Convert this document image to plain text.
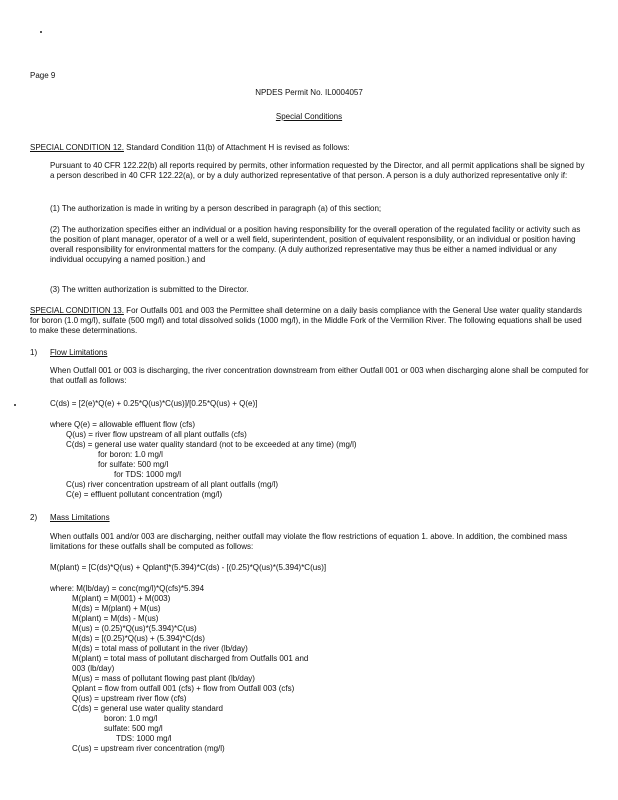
Page 9
NPDES Permit No. IL0004057
Special Conditions
SPECIAL CONDITION 12. Standard Condition 11(b) of Attachment H is revised as follows:
Pursuant to 40 CFR 122.22(b) all reports required by permits, other information requested by the Director, and all permit applications shall be signed by a person described in 40 CFR 122.22(a), or by a duly authorized representative of that person. A person is a duly authorized representative only if:
(1) The authorization is made in writing by a person described in paragraph (a) of this section;
(2) The authorization specifies either an individual or a position having responsibility for the overall operation of the regulated facility or activity such as the position of plant manager, operator of a well or a well field, superintendent, position of equivalent responsibility, or an individual or position having overall responsibility for environmental matters for the company. (A duly authorized representative may thus be either a named individual or any individual occupying a named position.) and
(3) The written authorization is submitted to the Director.
SPECIAL CONDITION 13. For Outfalls 001 and 003 the Permittee shall determine on a daily basis compliance with the General Use water quality standards for boron (1.0 mg/l), sulfate (500 mg/l) and total dissolved solids (1000 mg/l), in the Middle Fork of the Vermilion River. The following equations shall be used to make these determinations.
1) Flow Limitations
When Outfall 001 or 003 is discharging, the river concentration downstream from either Outfall 001 or 003 when discharging alone shall be computed for that outfall as follows:
C(ds) = [2(e)*Q(e) + 0.25*Q(us)*C(us)]/[0.25*Q(us) + Q(e)]
where Q(e) = allowable effluent flow (cfs)
Q(us) = river flow upstream of all plant outfalls (cfs)
C(ds) = general use water quality standard (not to be exceeded at any time) (mg/l)
for boron: 1.0 mg/l
for sulfate: 500 mg/l
for TDS: 1000 mg/l
C(us) river concentration upstream of all plant outfalls (mg/l)
C(e) = effluent pollutant concentration (mg/l)
2) Mass Limitations
When outfalls 001 and/or 003 are discharging, neither outfall may violate the flow restrictions of equation 1. above. In addition, the combined mass limitations for these outfalls shall be computed as follows:
M(plant) = [C(ds)*Q(us) + Qplant]*(5.394)*C(ds) - [(0.25)*Q(us)*(5.394)*C(us)]
where: M(lb/day) = conc(mg/l)*Q(cfs)*5.394
M(plant) = M(001) + M(003)
M(ds) = M(plant) + M(us)
M(plant) = M(ds) - M(us)
M(us) = (0.25)*Q(us)*(5.394)*C(us)
M(ds) = [(0.25)*Q(us) + (5.394)*C(ds)
M(ds) = total mass of pollutant in the river (lb/day)
M(plant) = total mass of pollutant discharged from Outfalls 001 and
003 (lb/day)
M(us) = mass of pollutant flowing past plant (lb/day)
Qplant = flow from outfall 001 (cfs) + flow from Outfall 003 (cfs)
Q(us) = upstream river flow (cfs)
C(ds) = general use water quality standard
boron: 1.0 mg/l
sulfate: 500 mg/l
TDS: 1000 mg/l
C(us) = upstream river concentration (mg/l)
